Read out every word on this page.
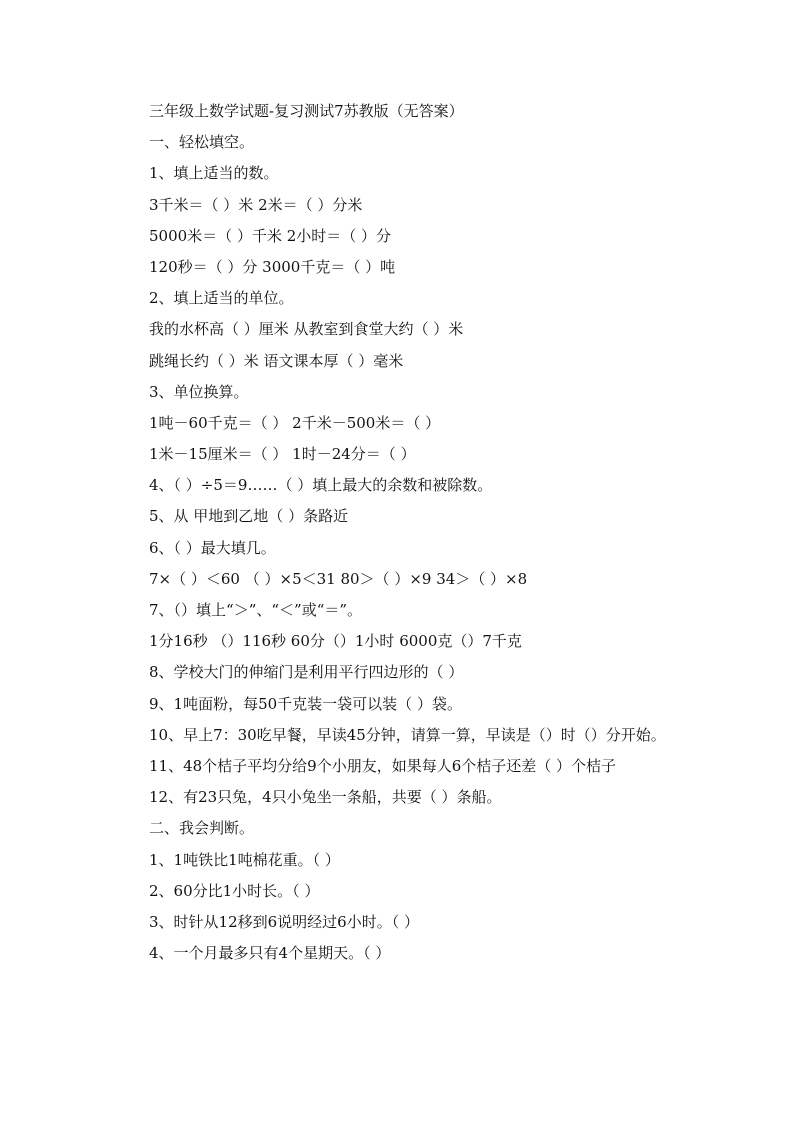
三年级上数学试题-复习测试7苏教版（无答案）
一、轻松填空。
1、填上适当的数。
3千米＝（ ）米 2米＝（ ）分米
5000米＝（ ）千米 2小时＝（ ）分
120秒＝（ ）分 3000千克＝（ ）吨
2、填上适当的单位。
我的水杯高（ ）厘米 从教室到食堂大约（ ）米
跳绳长约（ ）米 语文课本厚（ ）毫米
3、单位换算。
1吨－60千克＝（ ） 2千米－500米＝（ ）
1米－15厘米＝（ ） 1时－24分＝（ ）
4、（ ）÷5＝9……（ ）填上最大的余数和被除数。
5、从 甲地到乙地（ ）条路近
6、（ ）最大填几。
7×（ ）＜60 （ ）×5＜31 80＞（ ）×9 34＞（ ）×8
7、（）填上“＞”、“＜”或“＝”。
1分16秒 （）116秒 60分（）1小时 6000克（）7千克
8、学校大门的伸缩门是利用平行四边形的（ ）
9、1吨面粉，每50千克装一袋可以装（ ）袋。
10、早上7：30吃早餐，早读45分钟，请算一算，早读是（）时（）分开始。
11、48个桔子平均分给9个小朋友，如果每人6个桔子还差（ ）个桔子
12、有23只兔，4只小兔坐一条船，共要（ ）条船。
二、我会判断。
1、1吨铁比1吨棉花重。（ ）
2、60分比1小时长。（ ）
3、时针从12移到6说明经过6小时。（ ）
4、一个月最多只有4个星期天。（ ）
